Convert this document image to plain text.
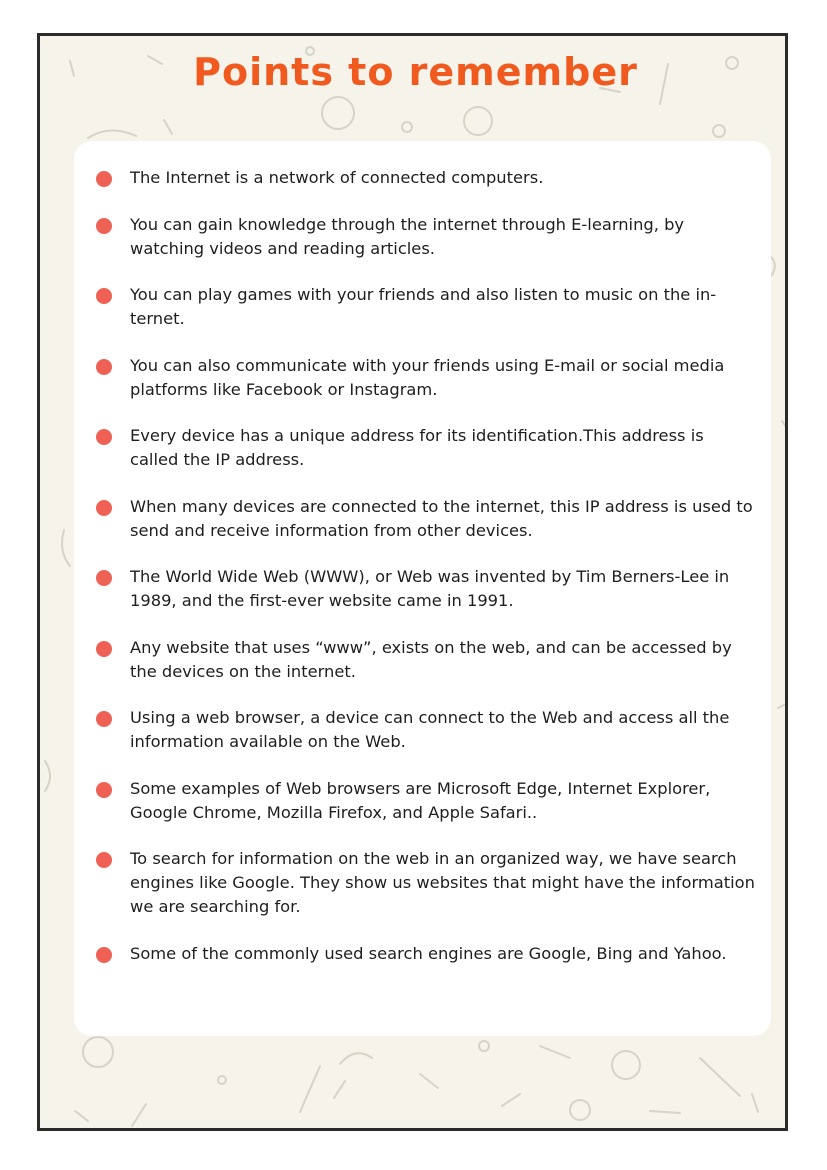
Points to remember
The Internet is a network of connected computers.
You can gain knowledge through the internet through E-learning, by watching videos and reading articles.
You can play games with your friends and also listen to music on the in-ternet.
You can also communicate with your friends using E-mail or social media platforms like Facebook or Instagram.
Every device has a unique address for its identification.This address is called the IP address.
When many devices are connected to the internet, this IP address is used to send and receive information from other devices.
The World Wide Web (WWW), or Web was invented by Tim Berners-Lee in 1989, and the first-ever website came in 1991.
Any website that uses “www”, exists on the web, and can be accessed by the devices on the internet.
Using a web browser, a device can connect to the Web and access all the information available on the Web.
Some examples of Web browsers are Microsoft Edge, Internet Explorer, Google Chrome, Mozilla Firefox, and Apple Safari..
To search for information on the web in an organized way, we have search engines like Google. They show us websites that might have the information we are searching for.
Some of the commonly used search engines are Google, Bing and Yahoo.
